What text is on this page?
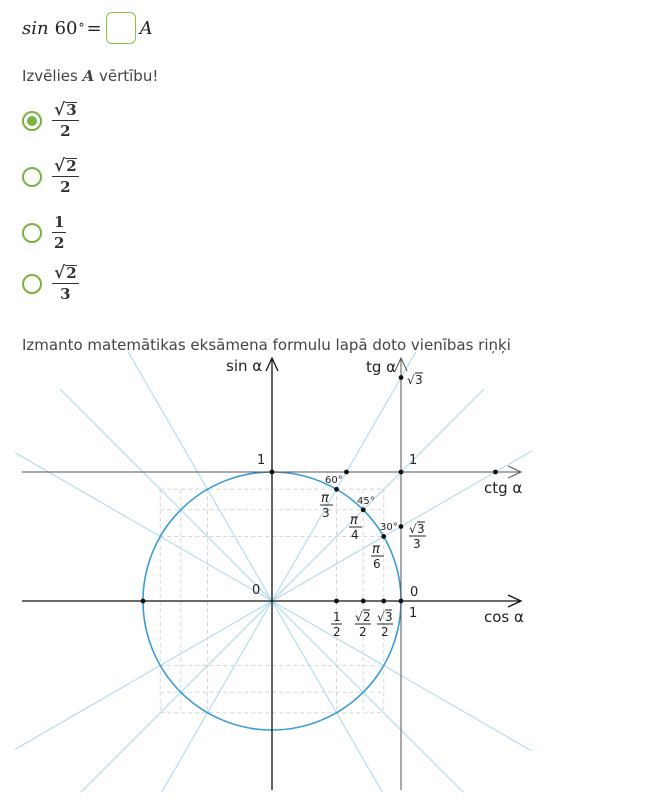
sin 60 ° = A
Izvēlies A vērtību!
$\frac{√ 3}{2}$
$\frac{√ 2}{2}$
$\frac{1}{2}$
$\frac{√ 2}{3}$
Izmanto matemātikas eksāmena formulu lapā doto vienības riņķi
sin α
cos α
tg α
ctg α
1	1
0	0
1
60°
45°
30°
π
3 π
4
π
6
1
2
√ 2
2
√ 3
2
√ 3
√ 3
3
